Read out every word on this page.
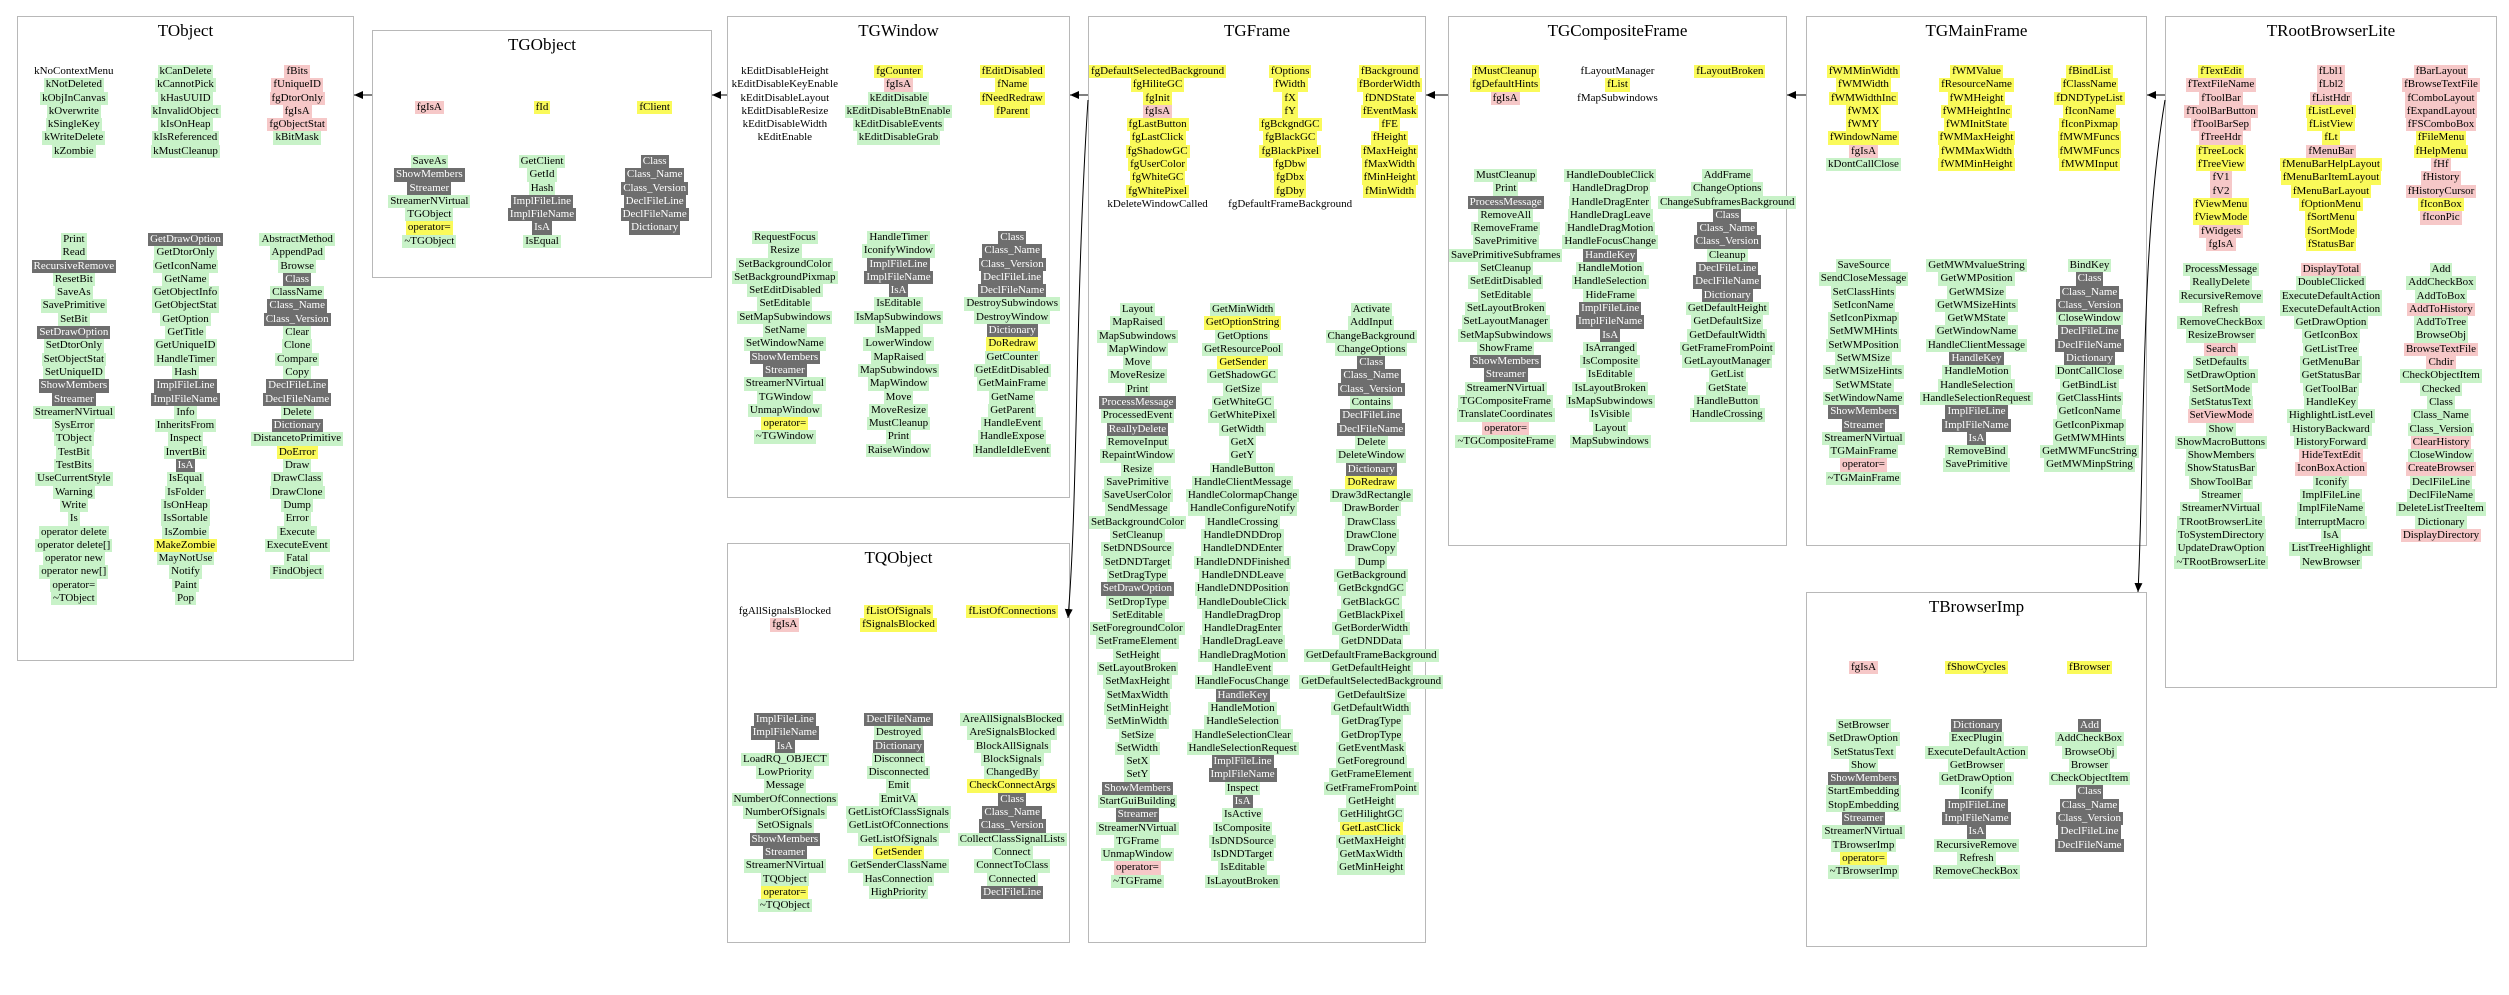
TObject
kNoContextMenu
kNotDeleted
kObjInCanvas
kOverwrite
kSingleKey
kWriteDelete
kZombie
kCanDelete
kCannotPick
kHasUUID
kInvalidObject
kIsOnHeap
kIsReferenced
kMustCleanup
fBits
fUniqueID
fgDtorOnly
fgIsA
fgObjectStat
kBitMask
Print
Read
RecursiveRemove
ResetBit
SaveAs
SavePrimitive
SetBit
SetDrawOption
SetDtorOnly
SetObjectStat
SetUniqueID
ShowMembers
Streamer
StreamerNVirtual
SysError
TObject
TestBit
TestBits
UseCurrentStyle
Warning
Write
Is
operator delete
operator delete[]
operator new
operator new[]
operator=
~TObject
GetDrawOption
GetDtorOnly
GetIconName
GetName
GetObjectInfo
GetObjectStat
GetOption
GetTitle
GetUniqueID
HandleTimer
Hash
ImplFileLine
ImplFileName
Info
InheritsFrom
Inspect
InvertBit
IsA
IsEqual
IsFolder
IsOnHeap
IsSortable
IsZombie
MakeZombie
MayNotUse
Notify
Paint
Pop
AbstractMethod
AppendPad
Browse
Class
ClassName
Class_Name
Class_Version
Clear
Clone
Compare
Copy
DeclFileLine
DeclFileName
Delete
Dictionary
DistancetoPrimitive
DoError
Draw
DrawClass
DrawClone
Dump
Error
Execute
ExecuteEvent
Fatal
FindObject
TGObject
fgIsA	fId	fClient
SaveAs
ShowMembers
Streamer
StreamerNVirtual
TGObject
operator=
~TGObject
GetClient
GetId
Hash
ImplFileLine
ImplFileName
IsA
IsEqual
Class
Class_Name
Class_Version
DeclFileLine
DeclFileName
Dictionary
TGWindow
kEditDisableHeight
kEditDisableKeyEnable
kEditDisableLayout
kEditDisableResize
kEditDisableWidth
kEditEnable
fgCounter
fgIsA
kEditDisable
kEditDisableBtnEnable
kEditDisableEvents
kEditDisableGrab
fEditDisabled
fName
fNeedRedraw
fParent
RequestFocus
Resize
SetBackgroundColor
SetBackgroundPixmap
SetEditDisabled
SetEditable
SetMapSubwindows
SetName
SetWindowName
ShowMembers
Streamer
StreamerNVirtual
TGWindow
UnmapWindow
operator=
~TGWindow
HandleTimer
IconifyWindow
ImplFileLine
ImplFileName
IsA
IsEditable
IsMapSubwindows
IsMapped
LowerWindow
MapRaised
MapSubwindows
MapWindow
Move
MoveResize
MustCleanup
Print
RaiseWindow
Class
Class_Name
Class_Version
DeclFileLine
DeclFileName
DestroySubwindows
DestroyWindow
Dictionary
DoRedraw
GetCounter
GetEditDisabled
GetMainFrame
GetName
GetParent
HandleEvent
HandleExpose
HandleIdleEvent
TQObject
fgAllSignalsBlocked
fgIsA
fListOfSignals
fSignalsBlocked
fListOfConnections
ImplFileLine
ImplFileName
IsA
LoadRQ_OBJECT
LowPriority
Message
NumberOfConnections
NumberOfSignals
SetOSignals
ShowMembers
Streamer
StreamerNVirtual
TQObject
operator=
~TQObject
DeclFileName
Destroyed
Dictionary
Disconnect
Disconnected
Emit
EmitVA
GetListOfClassSignals
GetListOfConnections
GetListOfSignals
GetSender
GetSenderClassName
HasConnection
HighPriority
AreAllSignalsBlocked
AreSignalsBlocked
BlockAllSignals
BlockSignals
ChangedBy
CheckConnectArgs
Class
Class_Name
Class_Version
CollectClassSignalLists
Connect
ConnectToClass
Connected
DeclFileLine
TGFrame
fgDefaultSelectedBackground
fgHiliteGC
fgInit
fgIsA
fgLastButton
fgLastClick
fgShadowGC
fgUserColor
fgWhiteGC
fgWhitePixel
kDeleteWindowCalled
fOptions
fWidth
fX
fY
fgBckgndGC
fgBlackGC
fgBlackPixel
fgDbw
fgDbx
fgDby
fgDefaultFrameBackground
fBackground
fBorderWidth
fDNDState
fEventMask
fFE
fHeight
fMaxHeight
fMaxWidth
fMinHeight
fMinWidth
Layout
MapRaised
MapSubwindows
MapWindow
Move
MoveResize
Print
ProcessMessage
ProcessedEvent
ReallyDelete
RemoveInput
RepaintWindow
Resize
SavePrimitive
SaveUserColor
SendMessage
SetBackgroundColor
SetCleanup
SetDNDSource
SetDNDTarget
SetDragType
SetDrawOption
SetDropType
SetEditable
SetForegroundColor
SetFrameElement
SetHeight
SetLayoutBroken
SetMaxHeight
SetMaxWidth
SetMinHeight
SetMinWidth
SetSize
SetWidth
SetX
SetY
ShowMembers
StartGuiBuilding
Streamer
StreamerNVirtual
TGFrame
UnmapWindow
operator=
~TGFrame
GetMinWidth
GetOptionString
GetOptions
GetResourcePool
GetSender
GetShadowGC
GetSize
GetWhiteGC
GetWhitePixel
GetWidth
GetX
GetY
HandleButton
HandleClientMessage
HandleColormapChange
HandleConfigureNotify
HandleCrossing
HandleDNDDrop
HandleDNDEnter
HandleDNDFinished
HandleDNDLeave
HandleDNDPosition
HandleDoubleClick
HandleDragDrop
HandleDragEnter
HandleDragLeave
HandleDragMotion
HandleEvent
HandleFocusChange
HandleKey
HandleMotion
HandleSelection
HandleSelectionClear
HandleSelectionRequest
ImplFileLine
ImplFileName
Inspect
IsA
IsActive
IsComposite
IsDNDSource
IsDNDTarget
IsEditable
IsLayoutBroken
Activate
AddInput
ChangeBackground
ChangeOptions
Class
Class_Name
Class_Version
Contains
DeclFileLine
DeclFileName
Delete
DeleteWindow
Dictionary
DoRedraw
Draw3dRectangle
DrawBorder
DrawClass
DrawClone
DrawCopy
Dump
GetBackground
GetBckgndGC
GetBlackGC
GetBlackPixel
GetBorderWidth
GetDNDData
GetDefaultFrameBackground
GetDefaultHeight
GetDefaultSelectedBackground
GetDefaultSize
GetDefaultWidth
GetDragType
GetDropType
GetEventMask
GetForeground
GetFrameElement
GetFrameFromPoint
GetHeight
GetHilightGC
GetLastClick
GetMaxHeight
GetMaxWidth
GetMinHeight
TGCompositeFrame
fMustCleanup
fgDefaultHints
fgIsA
fLayoutManager
fList
fMapSubwindows
fLayoutBroken
MustCleanup
Print
ProcessMessage
RemoveAll
RemoveFrame
SavePrimitive
SavePrimitiveSubframes
SetCleanup
SetEditDisabled
SetEditable
SetLayoutBroken
SetLayoutManager
SetMapSubwindows
ShowFrame
ShowMembers
Streamer
StreamerNVirtual
TGCompositeFrame
TranslateCoordinates
operator=
~TGCompositeFrame
HandleDoubleClick
HandleDragDrop
HandleDragEnter
HandleDragLeave
HandleDragMotion
HandleFocusChange
HandleKey
HandleMotion
HandleSelection
HideFrame
ImplFileLine
ImplFileName
IsA
IsArranged
IsComposite
IsEditable
IsLayoutBroken
IsMapSubwindows
IsVisible
Layout
MapSubwindows
AddFrame
ChangeOptions
ChangeSubframesBackground
Class
Class_Name
Class_Version
Cleanup
DeclFileLine
DeclFileName
Dictionary
GetDefaultHeight
GetDefaultSize
GetDefaultWidth
GetFrameFromPoint
GetLayoutManager
GetList
GetState
HandleButton
HandleCrossing
TGMainFrame
fWMMinWidth
fWMWidth
fWMWidthInc
fWMX
fWMY
fWindowName
fgIsA
kDontCallClose
fWMValue
fResourceName
fWMHeight
fWMHeightInc
fWMInitState
fWMMaxHeight
fWMMaxWidth
fWMMinHeight
fBindList
fClassName
fDNDTypeList
fIconName
fIconPixmap
fMWMFuncs
fMWMFuncs
fMWMInput
SaveSource
SendCloseMessage
SetClassHints
SetIconName
SetIconPixmap
SetMWMHints
SetWMPosition
SetWMSize
SetWMSizeHints
SetWMState
SetWindowName
ShowMembers
Streamer
StreamerNVirtual
TGMainFrame
operator=
~TGMainFrame
GetMWMvalueString
GetWMPosition
GetWMSize
GetWMSizeHints
GetWMState
GetWindowName
HandleClientMessage
HandleKey
HandleMotion
HandleSelection
HandleSelectionRequest
ImplFileLine
ImplFileName
IsA
RemoveBind
SavePrimitive
BindKey
Class
Class_Name
Class_Version
CloseWindow
DeclFileLine
DeclFileName
Dictionary
DontCallClose
GetBindList
GetClassHints
GetIconName
GetIconPixmap
GetMWMHints
GetMWMFuncString
GetMWMinpString
TRootBrowserLite
fTextEdit
fTextFileName
fToolBar
fToolBarButton
fToolBarSep
fTreeHdr
fTreeLock
fTreeView
fV1
fV2
fViewMenu
fViewMode
fWidgets
fgIsA
fLbl1
fLbl2
fListHdr
fListLevel
fListView
fLt
fMenuBar
fMenuBarHelpLayout
fMenuBarItemLayout
fMenuBarLayout
fOptionMenu
fSortMenu
fSortMode
fStatusBar
fBarLayout
fBrowseTextFile
fComboLayout
fExpandLayout
fFSComboBox
fFileMenu
fHelpMenu
fHf
fHistory
fHistoryCursor
fIconBox
fIconPic
ProcessMessage
ReallyDelete
RecursiveRemove
Refresh
RemoveCheckBox
ResizeBrowser
Search
SetDefaults
SetDrawOption
SetSortMode
SetStatusText
SetViewMode
Show
ShowMacroButtons
ShowMembers
ShowStatusBar
ShowToolBar
Streamer
StreamerNVirtual
TRootBrowserLite
ToSystemDirectory
UpdateDrawOption
~TRootBrowserLite
DisplayTotal
DoubleClicked
ExecuteDefaultAction
ExecuteDefaultAction
GetDrawOption
GetIconBox
GetListTree
GetMenuBar
GetStatusBar
GetToolBar
HandleKey
HighlightListLevel
HistoryBackward
HistoryForward
HideTextEdit
IconBoxAction
Iconify
ImplFileLine
ImplFileName
InterruptMacro
IsA
ListTreeHighlight
NewBrowser
Add
AddCheckBox
AddToBox
AddToHistory
AddToTree
BrowseObj
BrowseTextFile
Chdir
CheckObjectItem
Checked
Class
Class_Name
Class_Version
ClearHistory
CloseWindow
CreateBrowser
DeclFileLine
DeclFileName
DeleteListTreeItem
Dictionary
DisplayDirectory
TBrowserImp
fgIsA	fShowCycles	fBrowser
SetBrowser
SetDrawOption
SetStatusText
Show
ShowMembers
StartEmbedding
StopEmbedding
Streamer
StreamerNVirtual
TBrowserImp
operator=
~TBrowserImp
Dictionary
ExecPlugin
ExecuteDefaultAction
GetBrowser
GetDrawOption
Iconify
ImplFileLine
ImplFileName
IsA
RecursiveRemove
Refresh
RemoveCheckBox
Add
AddCheckBox
BrowseObj
Browser
CheckObjectItem
Class
Class_Name
Class_Version
DeclFileLine
DeclFileName
